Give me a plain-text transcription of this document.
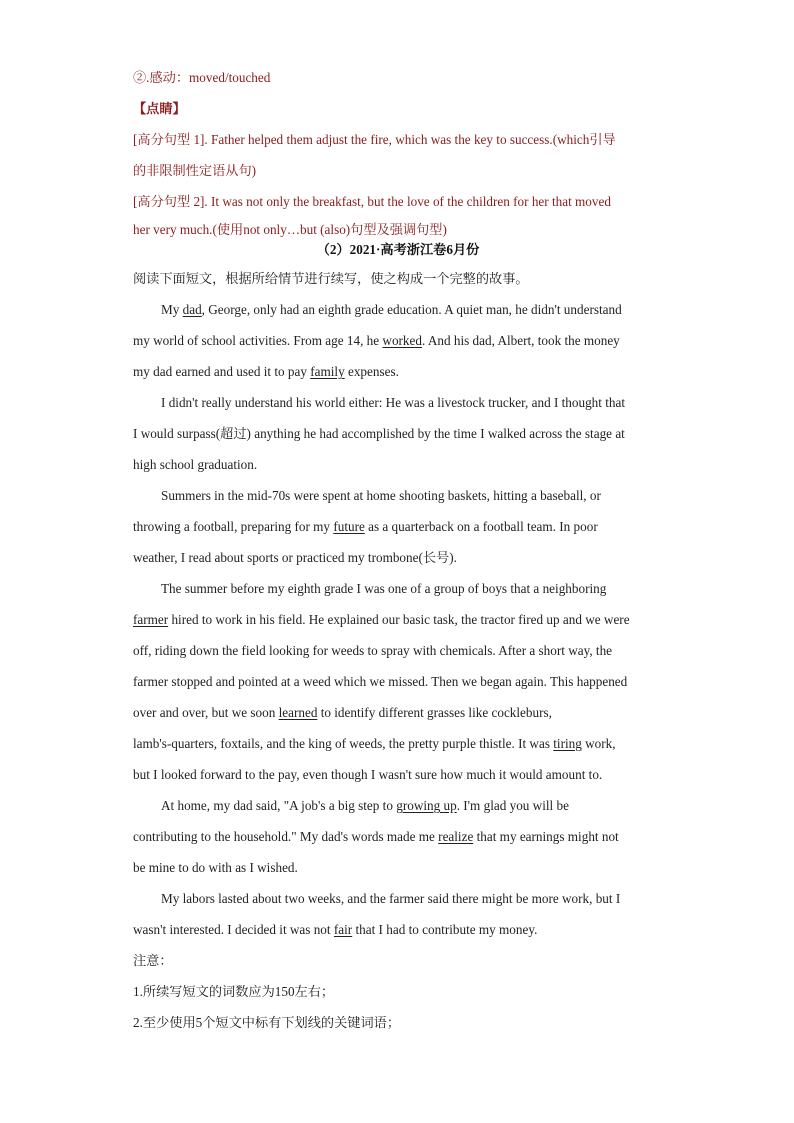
②.感动：moved/touched
【点睛】
[高分句型 1]. Father helped them adjust the fire, which was the key to success.(which引导
的非限制性定语从句)
[高分句型 2]. It was not only the breakfast, but the love of the children for her that moved
her very much.(使用not only…but (also)句型及强调句型)
（2）2021·高考浙江卷6月份
阅读下面短文，根据所给情节进行续写，使之构成一个完整的故事。
My dad, George, only had an eighth grade education. A quiet man, he didn't understand
my world of school activities. From age 14, he worked. And his dad, Albert, took the money
my dad earned and used it to pay family expenses.
I didn't really understand his world either: He was a livestock trucker, and I thought that
I would surpass(超过) anything he had accomplished by the time I walked across the stage at
high school graduation.
Summers in the mid-70s were spent at home shooting baskets, hitting a baseball, or
throwing a football, preparing for my future as a quarterback on a football team. In poor
weather, I read about sports or practiced my trombone(长号).
The summer before my eighth grade I was one of a group of boys that a neighboring
farmer hired to work in his field. He explained our basic task, the tractor fired up and we were
off, riding down the field looking for weeds to spray with chemicals. After a short way, the
farmer stopped and pointed at a weed which we missed. Then we began again. This happened
over and over, but we soon learned to identify different grasses like cockleburs,
lamb's-quarters, foxtails, and the king of weeds, the pretty purple thistle. It was tiring work,
but I looked forward to the pay, even though I wasn't sure how much it would amount to.
At home, my dad said, "A job's a big step to growing up. I'm glad you will be
contributing to the household." My dad's words made me realize that my earnings might not
be mine to do with as I wished.
My labors lasted about two weeks, and the farmer said there might be more work, but I
wasn't interested. I decided it was not fair that I had to contribute my money.
注意：
1.所续写短文的词数应为150左右；
2.至少使用5个短文中标有下划线的关键词语；
